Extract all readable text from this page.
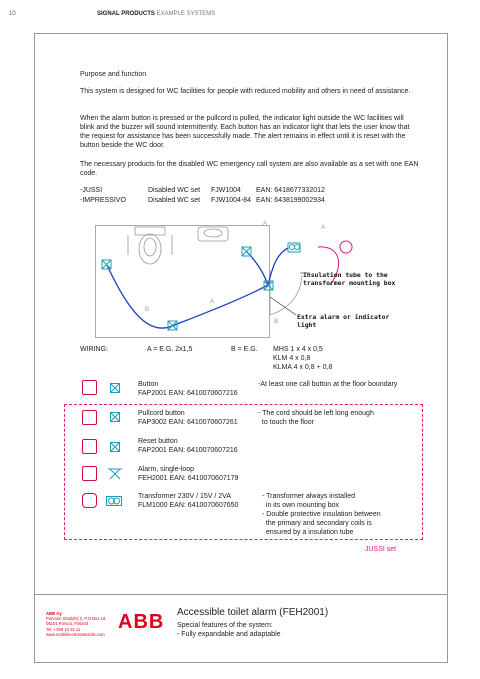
10	SIGNAL PRODUCTS EXAMPLE SYSTEMS
Purpose and function
This system is designed for WC facilities for people with reduced mobility and others in need of assistance.
When the alarm button is pressed or the pullcord is pulled, the indicator light outside the WC facilities will blink and the buzzer will sound intermittently. Each button has an indicator light that lets the user know that the request for assistance has been successfully made. The alert remains in effect until it is reset with the button beside the WC door.
The necessary products for the disabled WC emergency call system are also available as a set with one EAN code.
-JUSSI	Disabled WC set FJW1004 EAN: 6418677332012
-IMPRESSIVO	Disabled WC set FJW1004-84 EAN: 6438199002934
B
A
A
A
B
Insulation tube to the transformer mounting box
Extra alarm or indicator light
WIRING:	A = E.G. 2x1,5	B = E.G. MHS 1 x 4 x 0,5
KLM 4 x 0,8
KLMA 4 x 0,8 + 0,8
Button
FAP2001 EAN: 6410070607216
-At least one call button at the floor boundary
Pullcord button
FAP3002 EAN: 6410070607261
- The cord should be left long enough
to touch the floor
Reset button
FAP2001 EAN: 6410070607216
Alarm, single-loop
FEH2001 EAN: 6410070607179
Transformer 230V / 15V / 2VA
FLM1000 EAN: 6410070607650
- Transformer always installed
in its own mounting box
- Double protective insulation between
the primary and secondary coils is
ensured by a insulation tube
JUSSI set
ABB Oy
Porvoon Sisälohti 2, P.O.Box 18
06101 Porvoo, Finland
Tel. +358 10 22 11
www.mobilelectromaterials.com
ABB Accessible toilet alarm (FEH2001)
Special features of the system:
- Fully expandable and adaptable
